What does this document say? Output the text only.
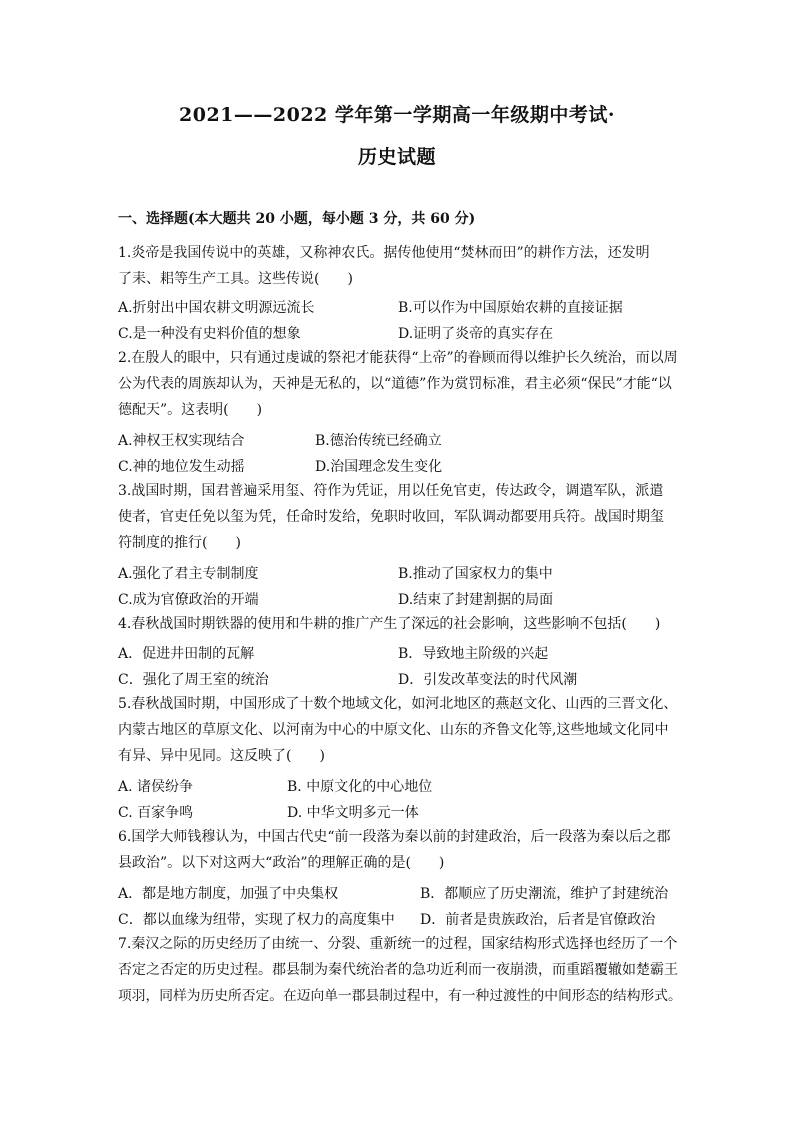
2021——2022 学年第一学期高一年级期中考试·
历史试题
一、选择题(本大题共 20 小题，每小题 3 分，共 60 分)
1.炎帝是我国传说中的英雄，又称神农氏。据传他使用“焚林而田”的耕作方法，还发明
了耒、耜等生产工具。这些传说(　　)
A.折射出中国农耕文明源远流长	B.可以作为中国原始农耕的直接证据
C.是一种没有史料价值的想象	D.证明了炎帝的真实存在
2.在殷人的眼中，只有通过虔诚的祭祀才能获得“上帝”的眷顾而得以维护长久统治，而以周
公为代表的周族却认为，天神是无私的，以“道德”作为赏罚标准，君主必须“保民”才能“以
德配天”。这表明(　　)
A.神权王权实现结合	B.德治传统已经确立
C.神的地位发生动摇	D.治国理念发生变化
3.战国时期，国君普遍采用玺、符作为凭证，用以任免官吏，传达政令，调遣军队，派遣
使者，官吏任免以玺为凭，任命时发给，免职时收回，军队调动都要用兵符。战国时期玺
符制度的推行(　　)
A.强化了君主专制制度	B.推动了国家权力的集中
C.成为官僚政治的开端	D.结束了封建割据的局面
4.春秋战国时期铁器的使用和牛耕的推广产生了深远的社会影响，这些影响不包括(　　)
A．促进井田制的瓦解	B．导致地主阶级的兴起
C．强化了周王室的统治	D．引发改革变法的时代风潮
5.春秋战国时期，中国形成了十数个地域文化，如河北地区的燕赵文化、山西的三晋文化、
内蒙古地区的草原文化、以河南为中心的中原文化、山东的齐鲁文化等,这些地域文化同中
有异、异中见同。这反映了(　　)
A. 诸侯纷争	B. 中原文化的中心地位
C. 百家争鸣	D. 中华文明多元一体
6.国学大师钱穆认为，中国古代史“前一段落为秦以前的封建政治，后一段落为秦以后之郡
县政治”。以下对这两大“政治”的理解正确的是(　　)
A．都是地方制度，加强了中央集权	B．都顺应了历史潮流，维护了封建统治
C．都以血缘为纽带，实现了权力的高度集中 D．前者是贵族政治，后者是官僚政治
7.秦汉之际的历史经历了由统一、分裂、重新统一的过程，国家结构形式选择也经历了一个
否定之否定的历史过程。郡县制为秦代统治者的急功近利而一夜崩溃，而重蹈覆辙如楚霸王
项羽，同样为历史所否定。在迈向单一郡县制过程中，有一种过渡性的中间形态的结构形式。
